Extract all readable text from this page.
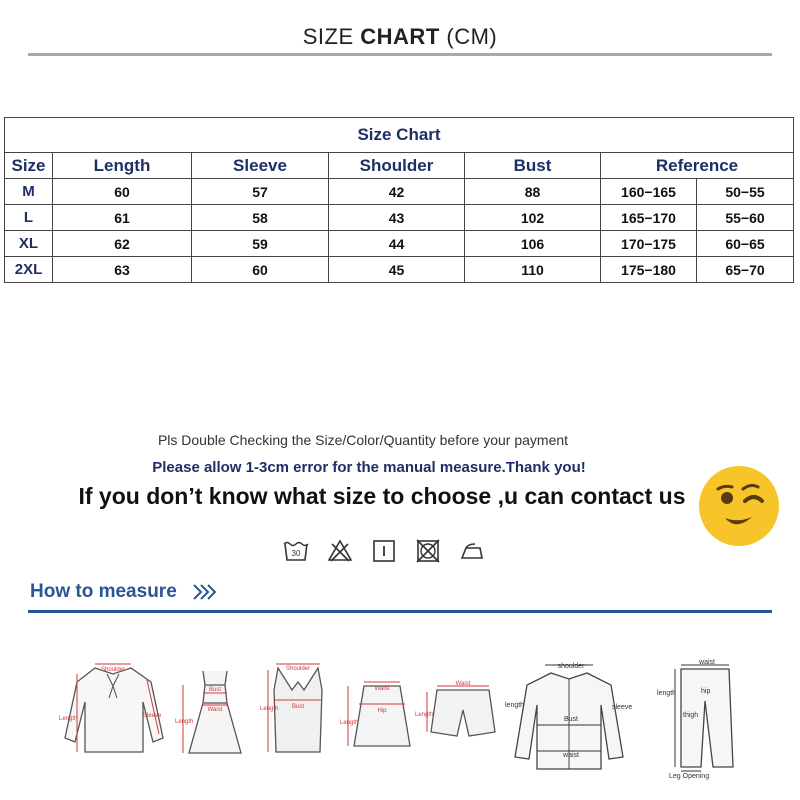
SIZE CHART (CM)
Size Chart						
Size	Length	Sleeve	Shoulder	Bust	Reference	
M	60	57	42	88	160−165	50−55
L	61	58	43	102	165−170	55−60
XL	62	59	44	106	170−175	60−65
2XL	63	60	45	110	175−180	65−70
Pls Double Checking the Size/Color/Quantity before your payment
Please allow 1-3cm error for the manual measure.Thank you!
If you don’t know what size to choose ,u can contact us
30
How to measure
Shoulder
Length	Sleeve
Bust
Waist
Length
Shoulder
Bust
Length
Waist
Hip
Length
Waist
Length
shoulder
length	sleeve
Bust
waist
waist
length	hip
thigh
Leg Opening
